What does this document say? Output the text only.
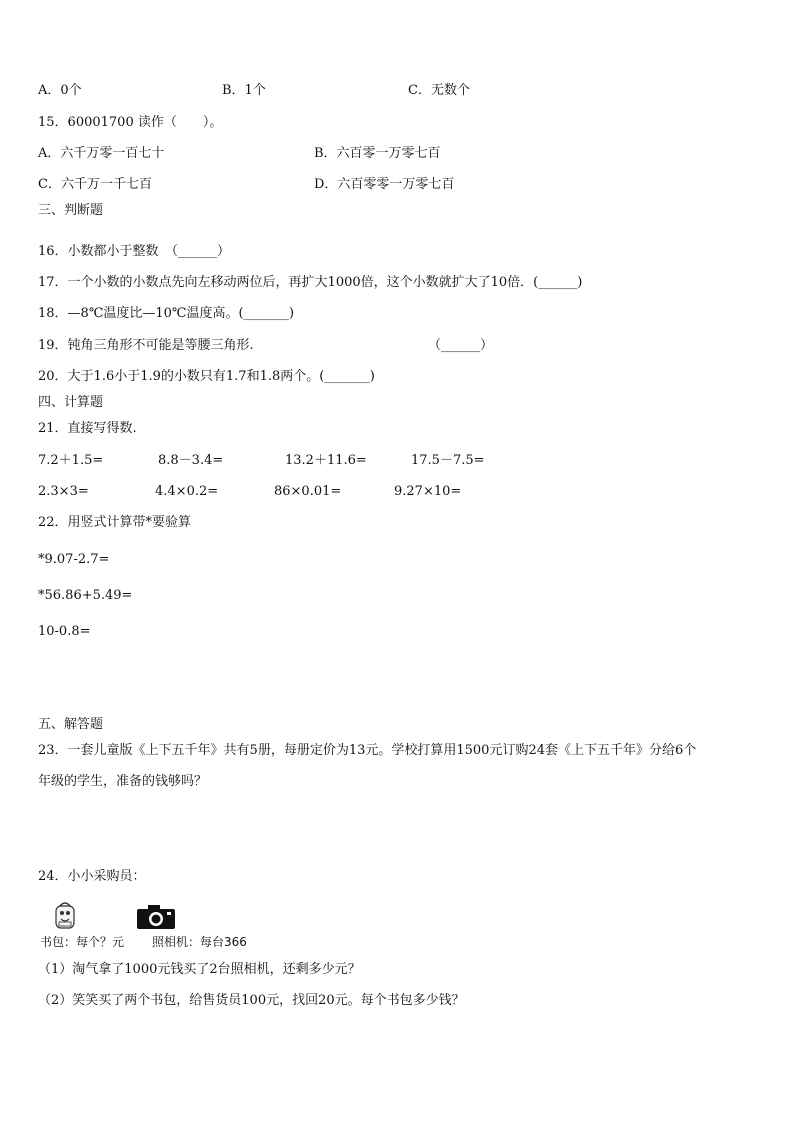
A．0个	B．1个	C．无数个
15．60001700 读作（　　）。
A．六千万零一百七十	B．六百零一万零七百
C．六千万一千七百	D．六百零零一万零七百
三、判断题
16．小数都小于整数　（______）
17．一个小数的小数点先向左移动两位后，再扩大1000倍，这个小数就扩大了10倍．(______)
18．—8℃温度比—10℃温度高。(_______)
19．钝角三角形不可能是等腰三角形.	（______）
20．大于1.6小于1.9的小数只有1.7和1.8两个。(_______)
四、计算题
21．直接写得数.
7.2＋1.5=	8.8－3.4=	13.2＋11.6=	17.5－7.5=
2.3×3=	4.4×0.2=	86×0.01=	9.27×10=
22．用竖式计算带*要验算
*9.07-2.7=
*56.86+5.49=
10-0.8=
五、解答题
23．一套儿童版《上下五千年》共有5册，每册定价为13元。学校打算用1500元订购24套《上下五千年》分给6个
年级的学生，准备的钱够吗？
24．小小采购员：
书包：每个？元 照相机：每台366
（1）淘气拿了1000元钱买了2台照相机，还剩多少元？
（2）笑笑买了两个书包，给售货员100元，找回20元。每个书包多少钱？
